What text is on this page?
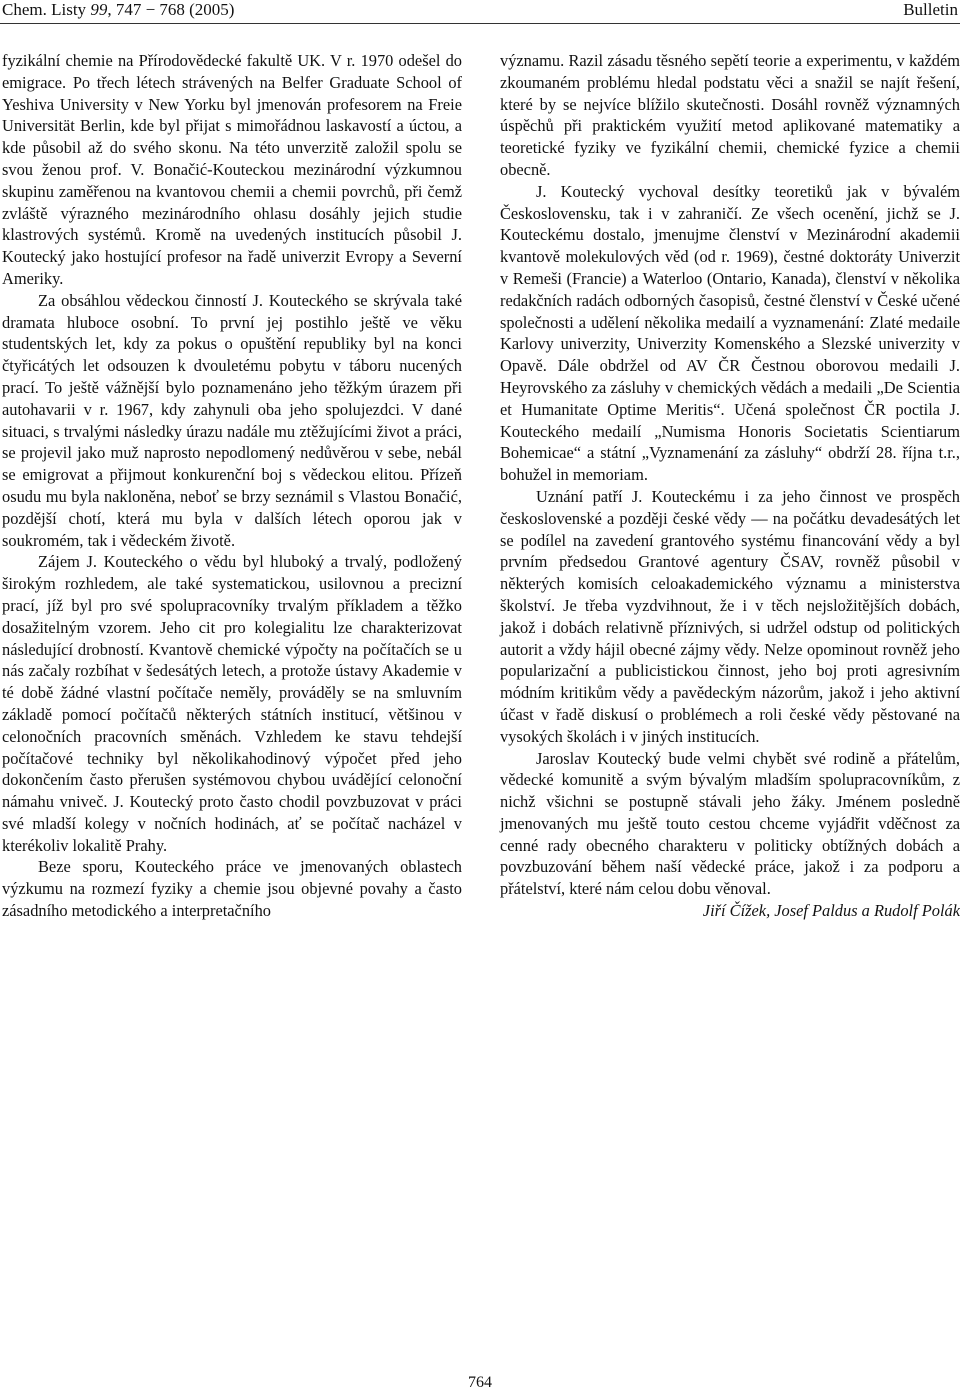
Chem. Listy 99, 747 − 768 (2005)	Bulletin

fyzikální chemie na Přírodovědecké fakultě UK. V r. 1970 odešel do emigrace. Po třech létech strávených na Belfer Graduate School of Yeshiva University v New Yorku byl jmenován profesorem na Freie Universität Berlin, kde byl přijat s mimořádnou laskavostí a úctou, a kde působil až do svého skonu. Na této unverzitě založil spolu se svou ženou prof. V. Bonačić-Kouteckou mezinárodní výzkumnou skupinu zaměřenou na kvantovou chemii a chemii povrchů, při čemž zvláště výrazného mezinárodního ohlasu dosáhly jejich studie klastrových systémů. Kromě na uvedených institucích působil J. Koutecký jako hostující profesor na řadě univerzit Evropy a Severní Ameriky.

Za obsáhlou vědeckou činností J. Kouteckého se skrývala také dramata hluboce osobní. To první jej postihlo ještě ve věku studentských let, kdy za pokus o opuštění republiky byl na konci čtyřicátých let odsouzen k dvouletému pobytu v táboru nucených prací. To ještě vážnější bylo poznamenáno jeho těžkým úrazem při autohavarii v r. 1967, kdy zahynuli oba jeho spolujezdci. V dané situaci, s trvalými následky úrazu nadále mu ztěžujícími život a práci, se projevil jako muž naprosto nepodlomený nedůvěrou v sebe, nebál se emigrovat a přijmout konkurenční boj s vědeckou elitou. Přízeň osudu mu byla nakloněna, neboť se brzy seznámil s Vlastou Bonačić, pozdější chotí, která mu byla v dalších létech oporou jak v soukromém, tak i vědeckém životě.

Zájem J. Kouteckého o vědu byl hluboký a trvalý, podložený širokým rozhledem, ale také systematickou, usilovnou a precizní prací, jíž byl pro své spolupracovníky trvalým příkladem a těžko dosažitelným vzorem. Jeho cit pro kolegialitu lze charakterizovat následující drobností. Kvantově chemické výpočty na počítačích se u nás začaly rozbíhat v šedesátých letech, a protože ústavy Akademie v té době žádné vlastní počítače neměly, prováděly se na smluvním základě pomocí počítačů některých státních institucí, většinou v celonočních pracovních směnách. Vzhledem ke stavu tehdejší počítačové techniky byl několikahodinový výpočet před jeho dokončením často přerušen systémovou chybou uvádějící celonoční námahu vniveč. J. Koutecký proto často chodil povzbuzovat v práci své mladší kolegy v nočních hodinách, ať se počítač nacházel v kterékoliv lokalitě Prahy.

Beze sporu, Kouteckého práce ve jmenovaných oblastech výzkumu na rozmezí fyziky a chemie jsou objevné povahy a často zásadního metodického a interpretačního

významu. Razil zásadu těsného sepětí teorie a experimentu, v každém zkoumaném problému hledal podstatu věci a snažil se najít řešení, které by se nejvíce blížilo skutečnosti. Dosáhl rovněž významných úspěchů při praktickém využití metod aplikované matematiky a teoretické fyziky ve fyzikální chemii, chemické fyzice a chemii obecně.

J. Koutecký vychoval desítky teoretiků jak v bývalém Československu, tak i v zahraničí. Ze všech ocenění, jichž se J. Kouteckému dostalo, jmenujme členství v Mezinárodní akademii kvantově molekulových věd (od r. 1969), čestné doktoráty Univerzit v Remeši (Francie) a Waterloo (Ontario, Kanada), členství v několika redakčních radách odborných časopisů, čestné členství v České učené společnosti a udělení několika medailí a vyznamenání: Zlaté medaile Karlovy univerzity, Univerzity Komenského a Slezské univerzity v Opavě. Dále obdržel od AV ČR Čestnou oborovou medaili J. Heyrovského za zásluhy v chemických vědách a medaili „De Scientia et Humanitate Optime Meritis“. Učená společnost ČR poctila J. Kouteckého medailí „Numisma Honoris Societatis Scientiarum Bohemicae“ a státní „Vyznamenání za zásluhy“ obdrží 28. října t.r., bohužel in memoriam.

Uznání patří J. Kouteckému i za jeho činnost ve prospěch československé a později české vědy — na počátku devadesátých let se podílel na zavedení grantového systému financování vědy a byl prvním předsedou Grantové agentury ČSAV, rovněž působil v některých komisích celoakademického významu a ministerstva školství. Je třeba vyzdvihnout, že i v těch nejsložitějších dobách, jakož i dobách relativně příznivých, si udržel odstup od politických autorit a vždy hájil obecné zájmy vědy. Nelze opominout rovněž jeho popularizační a publicistickou činnost, jeho boj proti agresivním módním kritikům vědy a pavědeckým názorům, jakož i jeho aktivní účast v řadě diskusí o problémech a roli české vědy pěstované na vysokých školách i v jiných institucích.

Jaroslav Koutecký bude velmi chybět své rodině a přátelům, vědecké komunitě a svým bývalým mladším spolupracovníkům, z nichž všichni se postupně stávali jeho žáky. Jménem posledně jmenovaných mu ještě touto cestou chceme vyjádřit vděčnost za cenné rady obecného charakteru v politicky obtížných dobách a povzbuzování během naší vědecké práce, jakož i za podporu a přátelství, které nám celou dobu věnoval.

Jiří Čížek, Josef Paldus a Rudolf Polák

764
